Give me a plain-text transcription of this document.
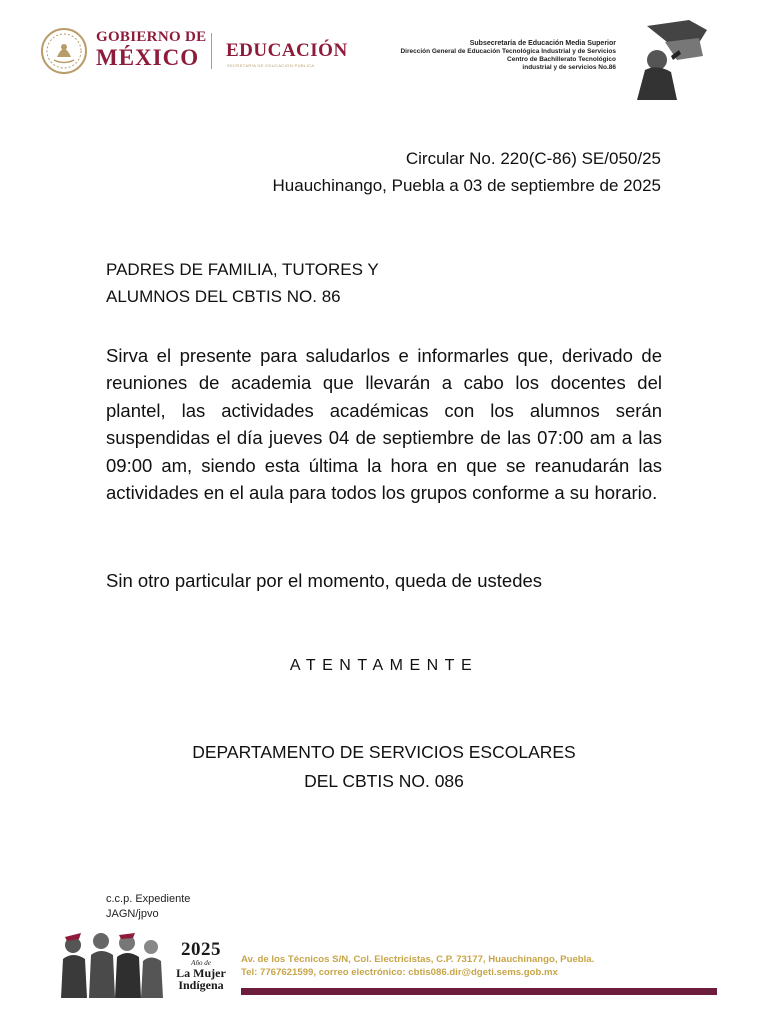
GOBIERNO DE
MÉXICO EDUCACIÓN
SECRETARÍA DE EDUCACIÓN PÚBLICA
Subsecretaría de Educación Media Superior
Dirección General de Educación Tecnológica Industrial y de Servicios
Centro de Bachillerato Tecnológico
industrial y de servicios No.86
Circular No. 220(C-86) SE/050/25
Huauchinango, Puebla a 03 de septiembre de 2025
PADRES DE FAMILIA, TUTORES Y
ALUMNOS DEL CBTIS NO. 86

Sirva el presente para saludarlos e informarles que, derivado de reuniones de academia que llevarán a cabo los docentes del plantel, las actividades académicas con los alumnos serán suspendidas el día jueves 04 de septiembre de las 07:00 am a las 09:00 am, siendo esta última la hora en que se reanudarán las actividades en el aula para todos los grupos conforme a su horario.

Sin otro particular por el momento, queda de ustedes
ATENTAMENTE
DEPARTAMENTO DE SERVICIOS ESCOLARES
DEL CBTIS NO. 086
c.c.p. Expediente
JAGN/jpvo
2025
Año de
La Mujer
Indígena
Av. de los Técnicos S/N, Col. Electricistas, C.P. 73177, Huauchinango, Puebla.
Tel: 7767621599, correo electrónico: cbtis086.dir@dgeti.sems.gob.mx
